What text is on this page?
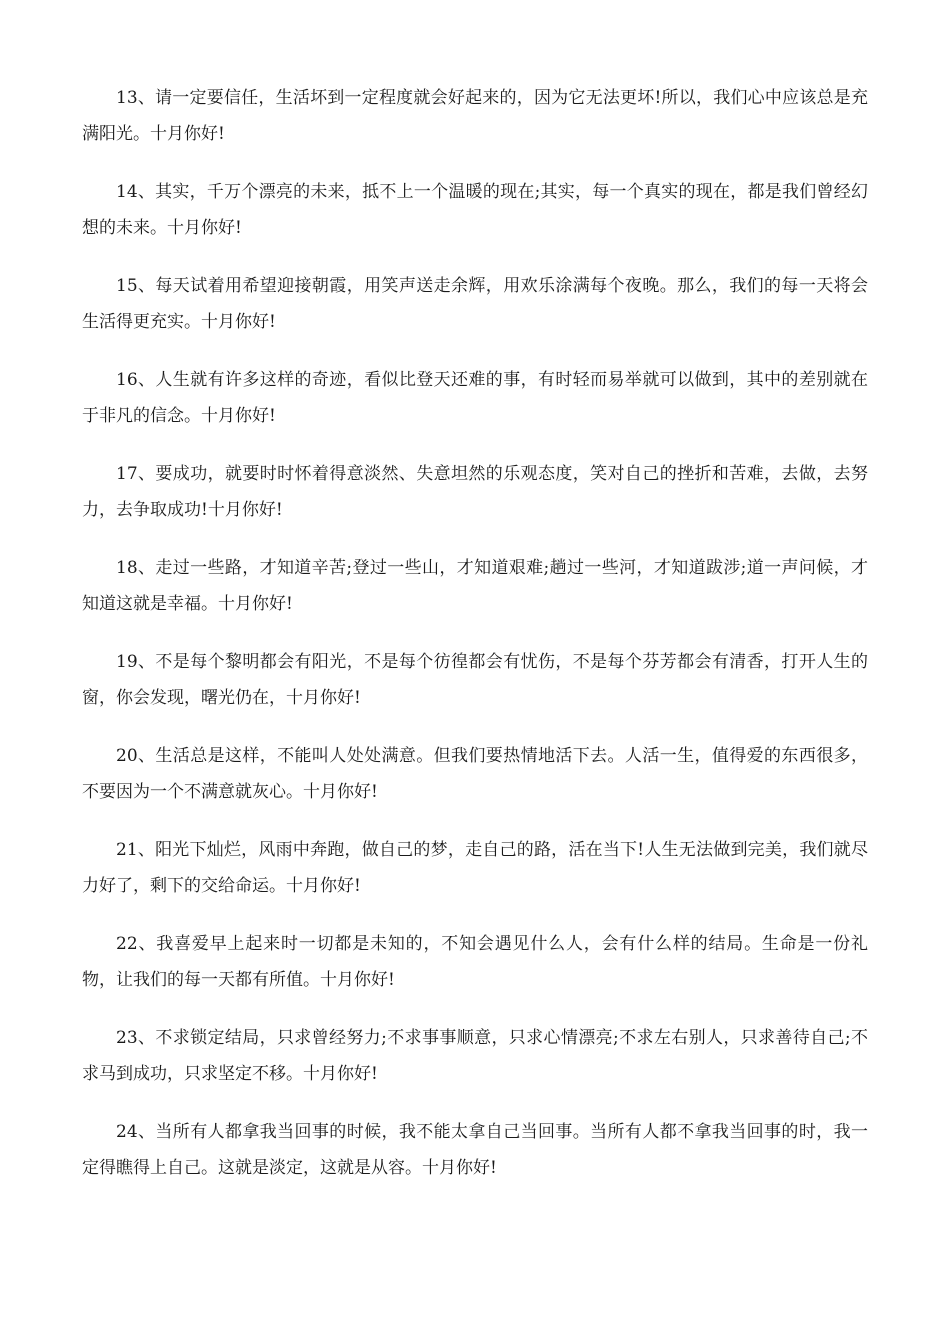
13、请一定要信任，生活坏到一定程度就会好起来的，因为它无法更坏!所以，我们心中应该总是充满阳光。十月你好!

14、其实，千万个漂亮的未来，抵不上一个温暖的现在;其实，每一个真实的现在，都是我们曾经幻想的未来。十月你好!

15、每天试着用希望迎接朝霞，用笑声送走余辉，用欢乐涂满每个夜晚。那么，我们的每一天将会生活得更充实。十月你好!

16、人生就有许多这样的奇迹，看似比登天还难的事，有时轻而易举就可以做到，其中的差别就在于非凡的信念。十月你好!

17、要成功，就要时时怀着得意淡然、失意坦然的乐观态度，笑对自己的挫折和苦难，去做，去努力，去争取成功!十月你好!

18、走过一些路，才知道辛苦;登过一些山，才知道艰难;趟过一些河，才知道跋涉;道一声问候，才知道这就是幸福。十月你好!

19、不是每个黎明都会有阳光，不是每个彷徨都会有忧伤，不是每个芬芳都会有清香，打开人生的窗，你会发现，曙光仍在，十月你好!

20、生活总是这样，不能叫人处处满意。但我们要热情地活下去。人活一生，值得爱的东西很多，不要因为一个不满意就灰心。十月你好!

21、阳光下灿烂，风雨中奔跑，做自己的梦，走自己的路，活在当下!人生无法做到完美，我们就尽力好了，剩下的交给命运。十月你好!

22、我喜爱早上起来时一切都是未知的，不知会遇见什么人，会有什么样的结局。生命是一份礼物，让我们的每一天都有所值。十月你好!

23、不求锁定结局，只求曾经努力;不求事事顺意，只求心情漂亮;不求左右别人，只求善待自己;不求马到成功，只求坚定不移。十月你好!

24、当所有人都拿我当回事的时候，我不能太拿自己当回事。当所有人都不拿我当回事的时，我一定得瞧得上自己。这就是淡定，这就是从容。十月你好!
